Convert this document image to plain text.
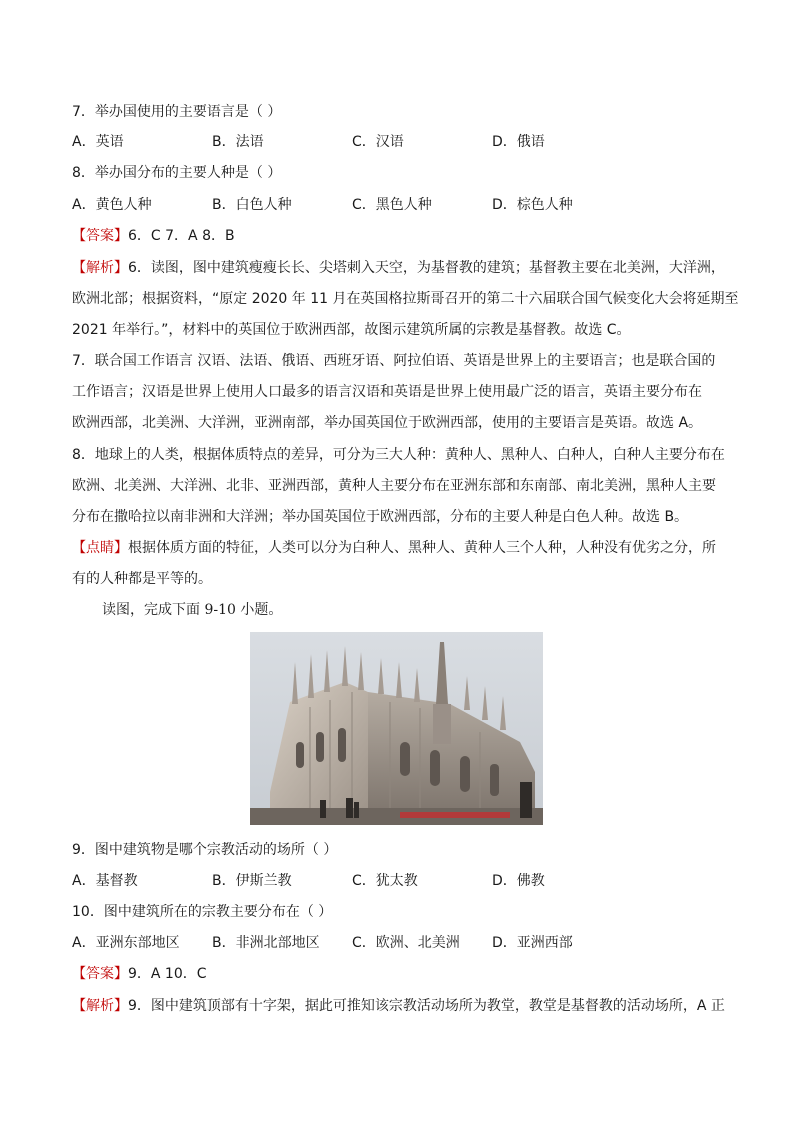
7．举办国使用的主要语言是（ ）
A．英语	B．法语	C．汉语	D．俄语
8．举办国分布的主要人种是（ ）
A．黄色人种	B．白色人种	C．黑色人种	D．棕色人种
【答案】6．C 7．A 8．B
【解析】6．读图，图中建筑瘦瘦长长、尖塔刺入天空，为基督教的建筑；基督教主要在北美洲，大洋洲，
欧洲北部；根据资料，“原定 2020 年 11 月在英国格拉斯哥召开的第二十六届联合国气候变化大会将延期至
2021 年举行。”，材料中的英国位于欧洲西部，故图示建筑所属的宗教是基督教。故选 C。
7．联合国工作语言 汉语、法语、俄语、西班牙语、阿拉伯语、英语是世界上的主要语言；也是联合国的
工作语言；汉语是世界上使用人口最多的语言汉语和英语是世界上使用最广泛的语言，英语主要分布在
欧洲西部，北美洲、大洋洲，亚洲南部，举办国英国位于欧洲西部，使用的主要语言是英语。故选 A。
8．地球上的人类，根据体质特点的差异，可分为三大人种：黄种人、黑种人、白种人，白种人主要分布在
欧洲、北美洲、大洋洲、北非、亚洲西部，黄种人主要分布在亚洲东部和东南部、南北美洲，黑种人主要
分布在撒哈拉以南非洲和大洋洲；举办国英国位于欧洲西部，分布的主要人种是白色人种。故选 B。
【点睛】根据体质方面的特征，人类可以分为白种人、黑种人、黄种人三个人种，人种没有优劣之分，所
有的人种都是平等的。
读图，完成下面 9-10 小题。
9．图中建筑物是哪个宗教活动的场所（ ）
A．基督教	B．伊斯兰教	C．犹太教	D．佛教
10．图中建筑所在的宗教主要分布在（ ）
A．亚洲东部地区 B．非洲北部地区 C．欧洲、北美洲 D．亚洲西部
【答案】9．A 10．C
【解析】9．图中建筑顶部有十字架，据此可推知该宗教活动场所为教堂，教堂是基督教的活动场所，A 正
